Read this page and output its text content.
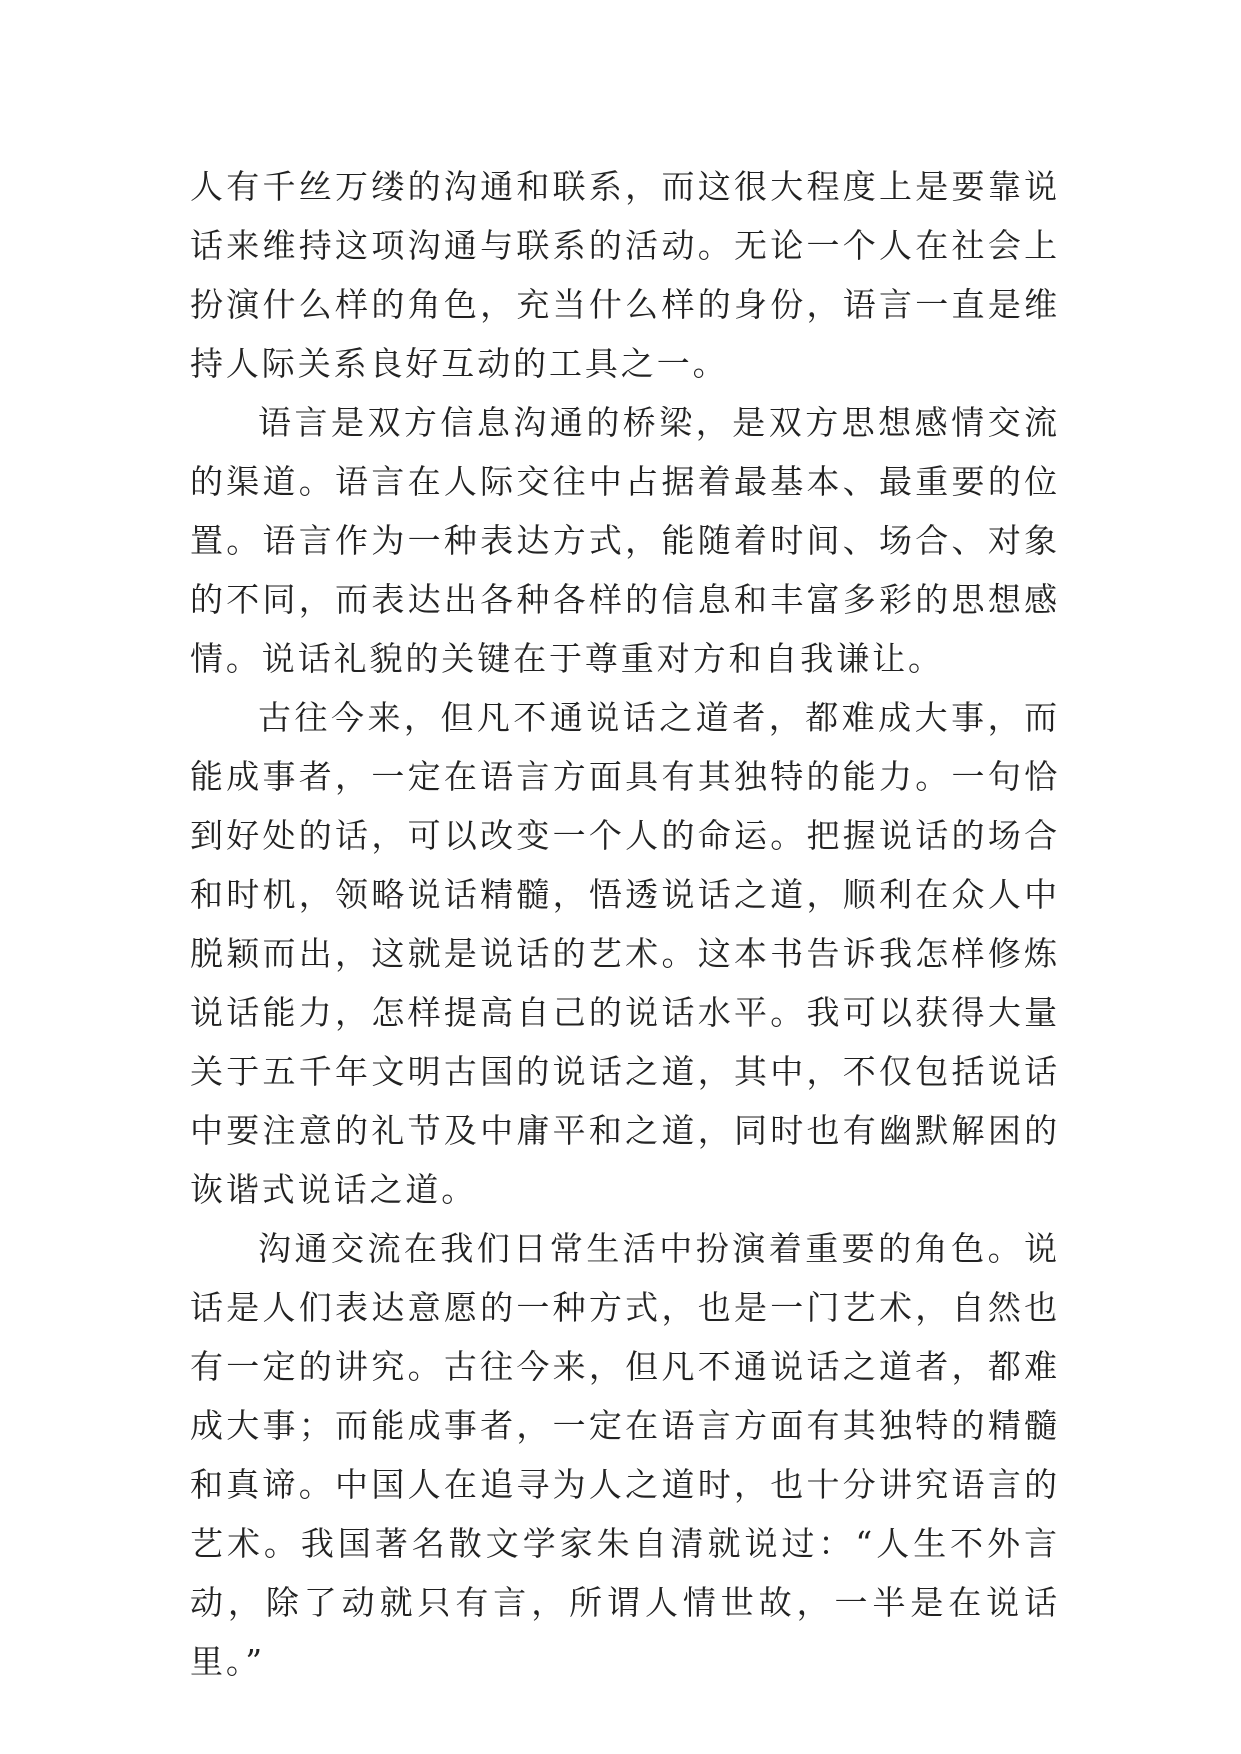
人有千丝万缕的沟通和联系，而这很大程度上是要靠说话来维持这项沟通与联系的活动。无论一个人在社会上扮演什么样的角色，充当什么样的身份，语言一直是维持人际关系良好互动的工具之一。

语言是双方信息沟通的桥梁，是双方思想感情交流的渠道。语言在人际交往中占据着最基本、最重要的位置。语言作为一种表达方式，能随着时间、场合、对象的不同，而表达出各种各样的信息和丰富多彩的思想感情。说话礼貌的关键在于尊重对方和自我谦让。

古往今来，但凡不通说话之道者，都难成大事，而能成事者，一定在语言方面具有其独特的能力。一句恰到好处的话，可以改变一个人的命运。把握说话的场合和时机，领略说话精髓，悟透说话之道，顺利在众人中脱颖而出，这就是说话的艺术。这本书告诉我怎样修炼说话能力，怎样提高自己的说话水平。我可以获得大量关于五千年文明古国的说话之道，其中，不仅包括说话中要注意的礼节及中庸平和之道，同时也有幽默解困的诙谐式说话之道。

沟通交流在我们日常生活中扮演着重要的角色。说话是人们表达意愿的一种方式，也是一门艺术，自然也有一定的讲究。古往今来，但凡不通说话之道者，都难成大事；而能成事者，一定在语言方面有其独特的精髓和真谛。中国人在追寻为人之道时，也十分讲究语言的艺术。我国著名散文学家朱自清就说过：“人生不外言动，除了动就只有言，所谓人情世故，一半是在说话里。”
